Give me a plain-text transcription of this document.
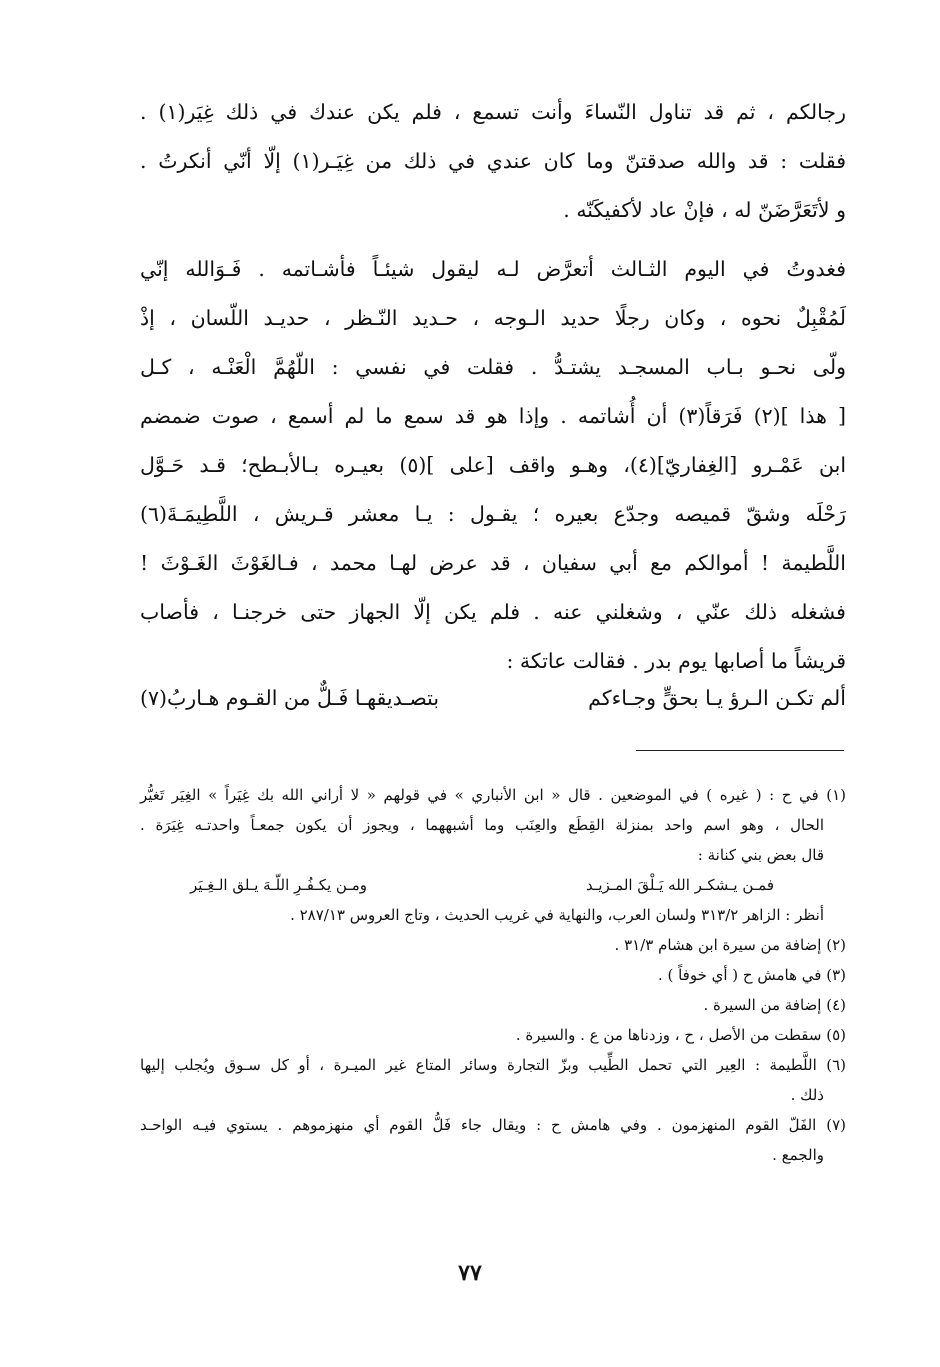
رجالكم ، ثم قد تناول النّساءَ وأنت تسمع ، فلم يكن عندك في ذلك غِيَر(١) .
فقلت : قد والله صدقتنّ وما كان عندي في ذلك من غِيَـر(١) إلّا أنّي أنكرتُ .
و لأتَعَرَّضَنّ له ، فإنْ عاد لأكفيكَنّه .
فغدوتُ في اليوم الثـالث أتعرَّض لـه ليقول شيئـاً فأشـاتمه . فَـوَالله إنّي
لَمُقْبِلٌ نحوه ، وكان رجلًا حديد الـوجه ، حـديد النّـظر ، حديـد اللّسان ، إذْ
ولّى نحـو بـاب المسجـد يشتـدُّ . فقلت في نفسي : اللّهُمَّ الْعَنْـه ، كـل
[ هذا ](٢) فَرَقاً(٣) أن أُشاتمه . وإذا هو قد سمع ما لم أسمع ، صوت ضمضم
ابن عَمْـرو [الغِفاريّ](٤)، وهـو واقف [على ](٥) بعيـره بـالأبـطح؛ قـد حَـوَّل
رَحْلَه وشقّ قميصه وجدّع بعيره ؛ يقـول : يـا معشر قـريش ، اللَّطِيمَـةَ(٦)
اللَّطيمة ! أموالكم مع أبي سفيان ، قد عرض لهـا محمد ، فـالغَوْثَ الغَـوْثَ !
فشغله ذلك عنّي ، وشغلني عنه . فلم يكن إلّا الجهاز حتى خرجنـا ، فأصاب
قريشاً ما أصابها يوم بدر . فقالت عاتكة :
ألم تكـن الـرؤ يـا بحقٍّ وجـاءكم
بتصـديقهـا فَـلٌّ من القـوم هـاربُ(٧)
(١) في ح : ( غيره ) في الموضعين . قال « ابن الأنباري » في قولهم « لا أراني الله بك غِيَراً » الغِيَر تَغيُّر
الحال ، وهو اسم واحد بمنزلة القِطَع والعِنَب وما أشبههما ، ويجوز أن يكون جمعـاً واحدتـه غِيَرَة .
قال بعض بني كنانة :
فمـن يـشكـر الله يَـلْقَ المـزيـد
ومـن يكـفُـرِ اللّـهَ يـلق الـغِـيَر
أنظر : الزاهر ٣١٣/٢ ولسان العرب، والنهاية في غريب الحديث ، وتاج العروس ٢٨٧/١٣ .
(٢) إضافة من سيرة ابن هشام ٣١/٣ .
(٣) في هامش ح ( أي خوفاً ) .
(٤) إضافة من السيرة .
(٥) سقطت من الأصل ، ح ، وزدناها من ع . والسيرة .
(٦) اللَّطيمة : العِير التي تحمل الطِّيب وبزّ التجارة وسائر المتاع غير الميـرة ، أو كل سـوق ويُجلب إليها
ذلك .
(٧) الفَلّ القوم المنهزمون . وفي هامش ح : ويقال جاء فَلُّ القوم أي منهزموهم . يستوي فيـه الواحـد
والجمع .
٧٧
